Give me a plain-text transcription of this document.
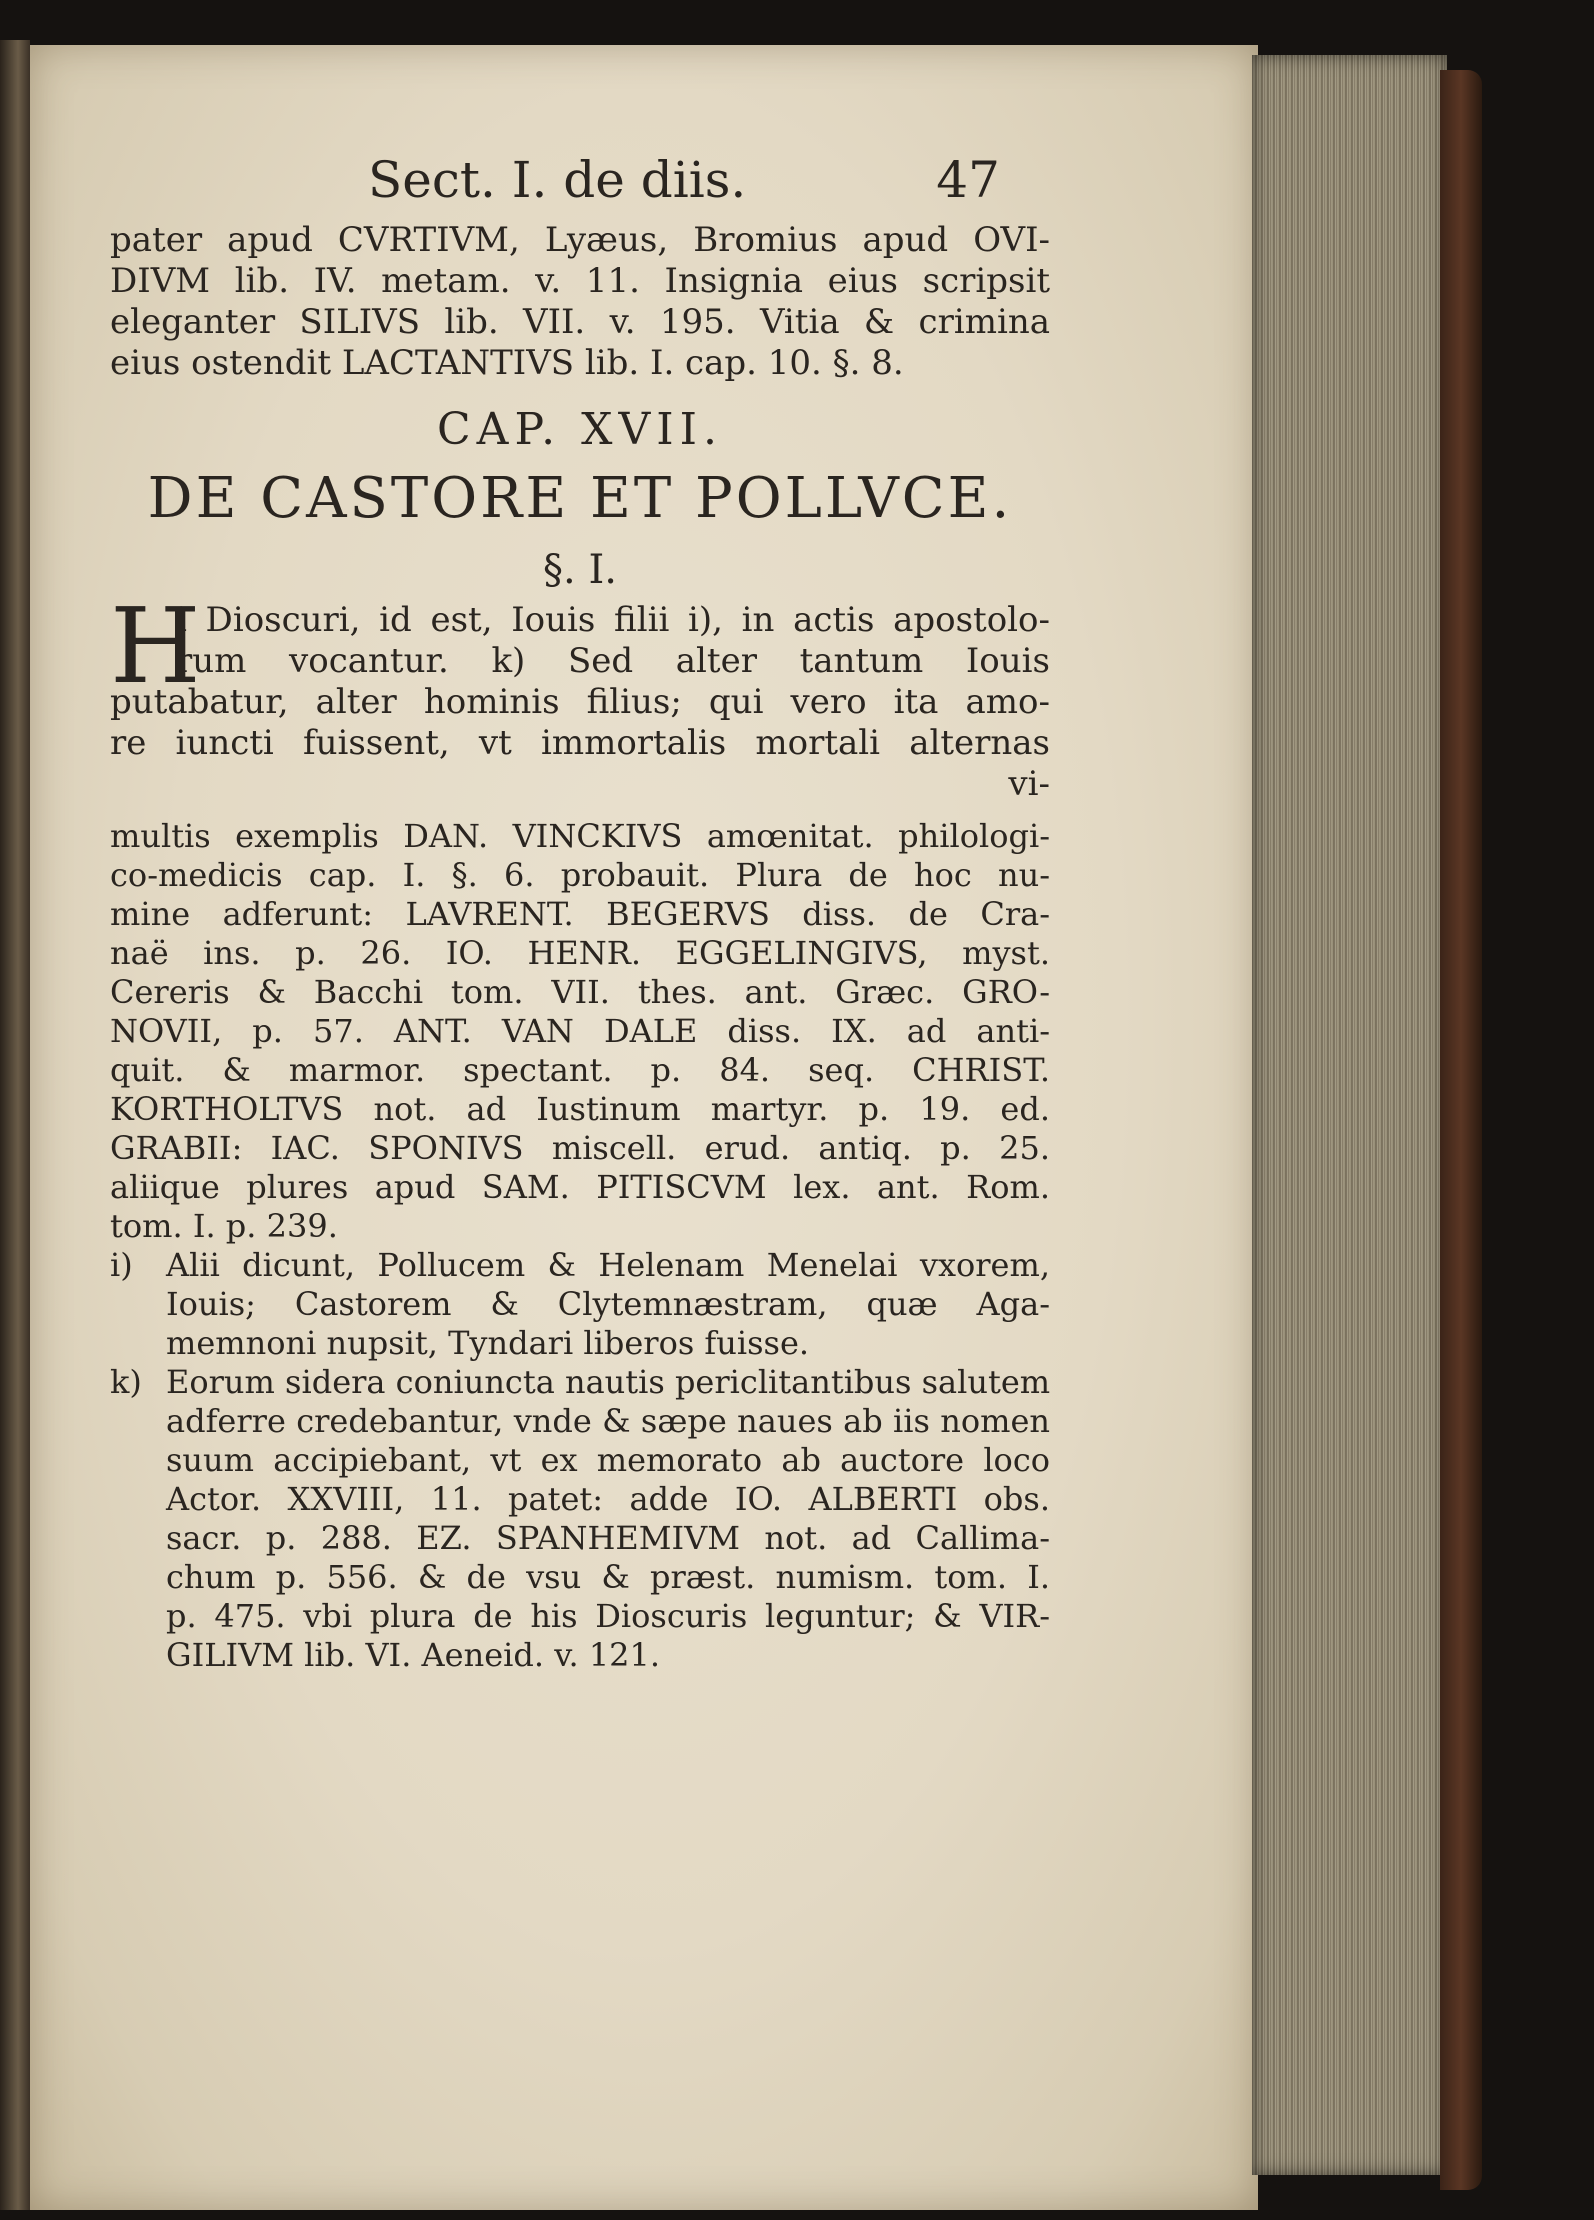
Sect. I. de diis.	47
pater apud CVRTIVM, Lyæus, Bromius apud OVI-
DIVM lib. IV. metam. v. 11. Insignia eius scripsit
eleganter SILIVS lib. VII. v. 195. Vitia & crimina
eius ostendit LACTANTIVS lib. I. cap. 10. §. 8.
CAP. XVII.
DE CASTORE ET POLLVCE.
§. I.
H
i Dioscuri, id est, Iouis filii i), in actis apostolo-
rum vocantur. k) Sed alter tantum Iouis
putabatur, alter hominis filius; qui vero ita amo-
re iuncti fuissent, vt immortalis mortali alternas
vi-
multis exemplis DAN. VINCKIVS amœnitat. philologi-
co-medicis cap. I. §. 6. probauit. Plura de hoc nu-
mine adferunt: LAVRENT. BEGERVS diss. de Cra-
naë ins. p. 26. IO. HENR. EGGELINGIVS, myst.
Cereris & Bacchi tom. VII. thes. ant. Græc. GRO-
NOVII, p. 57. ANT. VAN DALE diss. IX. ad anti-
quit. & marmor. spectant. p. 84. seq. CHRIST.
KORTHOLTVS not. ad Iustinum martyr. p. 19. ed.
GRABII: IAC. SPONIVS miscell. erud. antiq. p. 25.
aliique plures apud SAM. PITISCVM lex. ant. Rom.
tom. I. p. 239.
i) Alii dicunt, Pollucem & Helenam Menelai vxorem,
Iouis; Castorem & Clytemnæstram, quæ Aga-
memnoni nupsit, Tyndari liberos fuisse.
k) Eorum sidera coniuncta nautis periclitantibus salutem
adferre credebantur, vnde & sæpe naues ab iis nomen
suum accipiebant, vt ex memorato ab auctore loco
Actor. XXVIII, 11. patet: adde IO. ALBERTI obs.
sacr. p. 288. EZ. SPANHEMIVM not. ad Callima-
chum p. 556. & de vsu & præst. numism. tom. I.
p. 475. vbi plura de his Dioscuris leguntur; & VIR-
GILIVM lib. VI. Aeneid. v. 121.
